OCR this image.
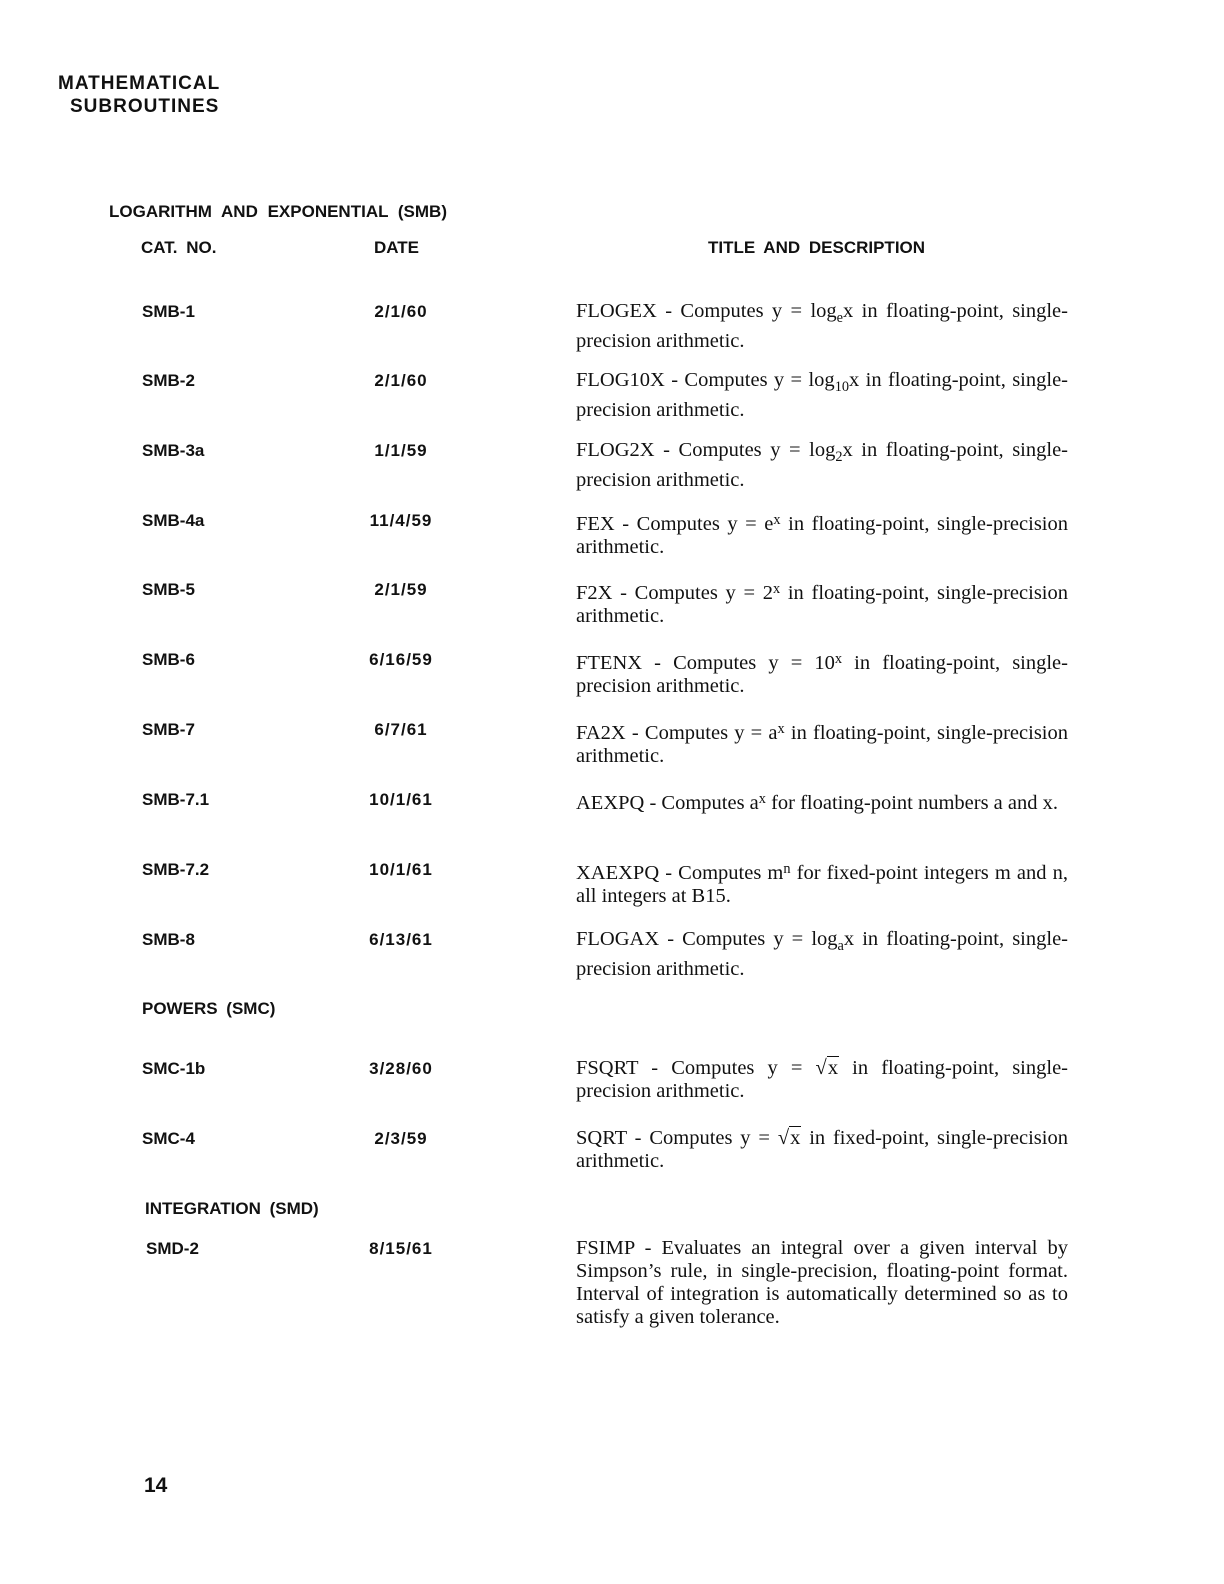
MATHEMATICAL
SUBROUTINES
LOGARITHM AND EXPONENTIAL (SMB)
CAT. NO.	DATE	TITLE AND DESCRIPTION
SMB-1	2/1/60	FLOGEX - Computes $y = \log_ex$ in floating-point, single-precision arithmetic.
SMB-2	2/1/60	FLOG10X - Computes $y = \log_{10}x$ in floating-point, single-precision arithmetic.
SMB-3a	1/1/59	FLOG2X - Computes $y = \log_2x$ in floating-point, single-precision arithmetic.
SMB-4a	11/4/59	FEX - Computes $y = e^x$ in floating-point, single-precision arithmetic.
SMB-5	2/1/59	F2X - Computes $y = 2^x$ in floating-point, single-precision arithmetic.
SMB-6	6/16/59	FTENX - Computes $y = 10^x$ in floating-point, single-precision arithmetic.
SMB-7	6/7/61	FA2X - Computes $y = a^x$ in floating-point, single-precision arithmetic.
SMB-7.1	10/1/61	AEXPQ - Computes $a^x$ for floating-point numbers a and x.
SMB-7.2	10/1/61	XAEXPQ - Computes $m^n$ for fixed-point integers m and n, all integers at B15.
SMB-8	6/13/61	FLOGAX - Computes $y = \log_ax$ in floating-point, single-precision arithmetic.
POWERS (SMC)
SMC-1b	3/28/60	FSQRT - Computes y = √x in floating-point, single-precision arithmetic.
SMC-4	2/3/59	SQRT - Computes y = √x in fixed-point, single-precision arithmetic.
INTEGRATION (SMD)
SMD-2	8/15/61	FSIMP - Evaluates an integral over a given interval by Simpson’s rule, in single-precision, floating-point format. Interval of integration is automatically determined so as to satisfy a given tolerance.
14
